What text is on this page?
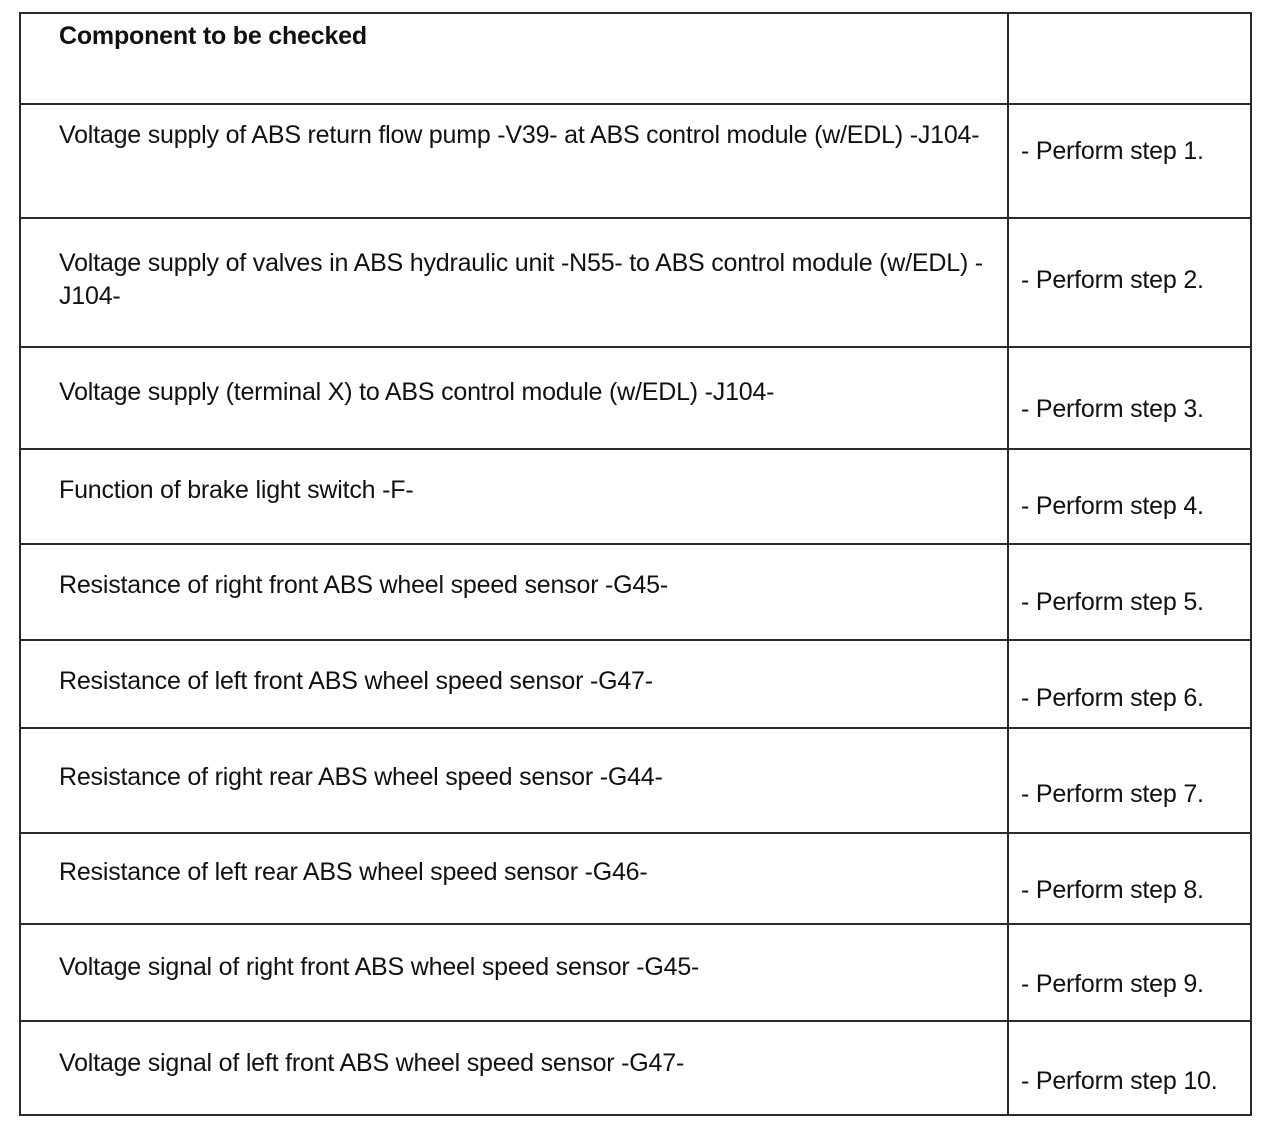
Component to be checked
Voltage supply of ABS return flow pump -V39- at ABS control module (w/EDL) -J104-
- Perform step 1.
Voltage supply of valves in ABS hydraulic unit -N55- to ABS control module (w/EDL) -J104-
- Perform step 2.
Voltage supply (terminal X) to ABS control module (w/EDL) -J104-
- Perform step 3.
Function of brake light switch -F-
- Perform step 4.
Resistance of right front ABS wheel speed sensor -G45-
- Perform step 5.
Resistance of left front ABS wheel speed sensor -G47-
- Perform step 6.
Resistance of right rear ABS wheel speed sensor -G44-
- Perform step 7.
Resistance of left rear ABS wheel speed sensor -G46-
- Perform step 8.
Voltage signal of right front ABS wheel speed sensor -G45-
- Perform step 9.
Voltage signal of left front ABS wheel speed sensor -G47-
- Perform step 10.
